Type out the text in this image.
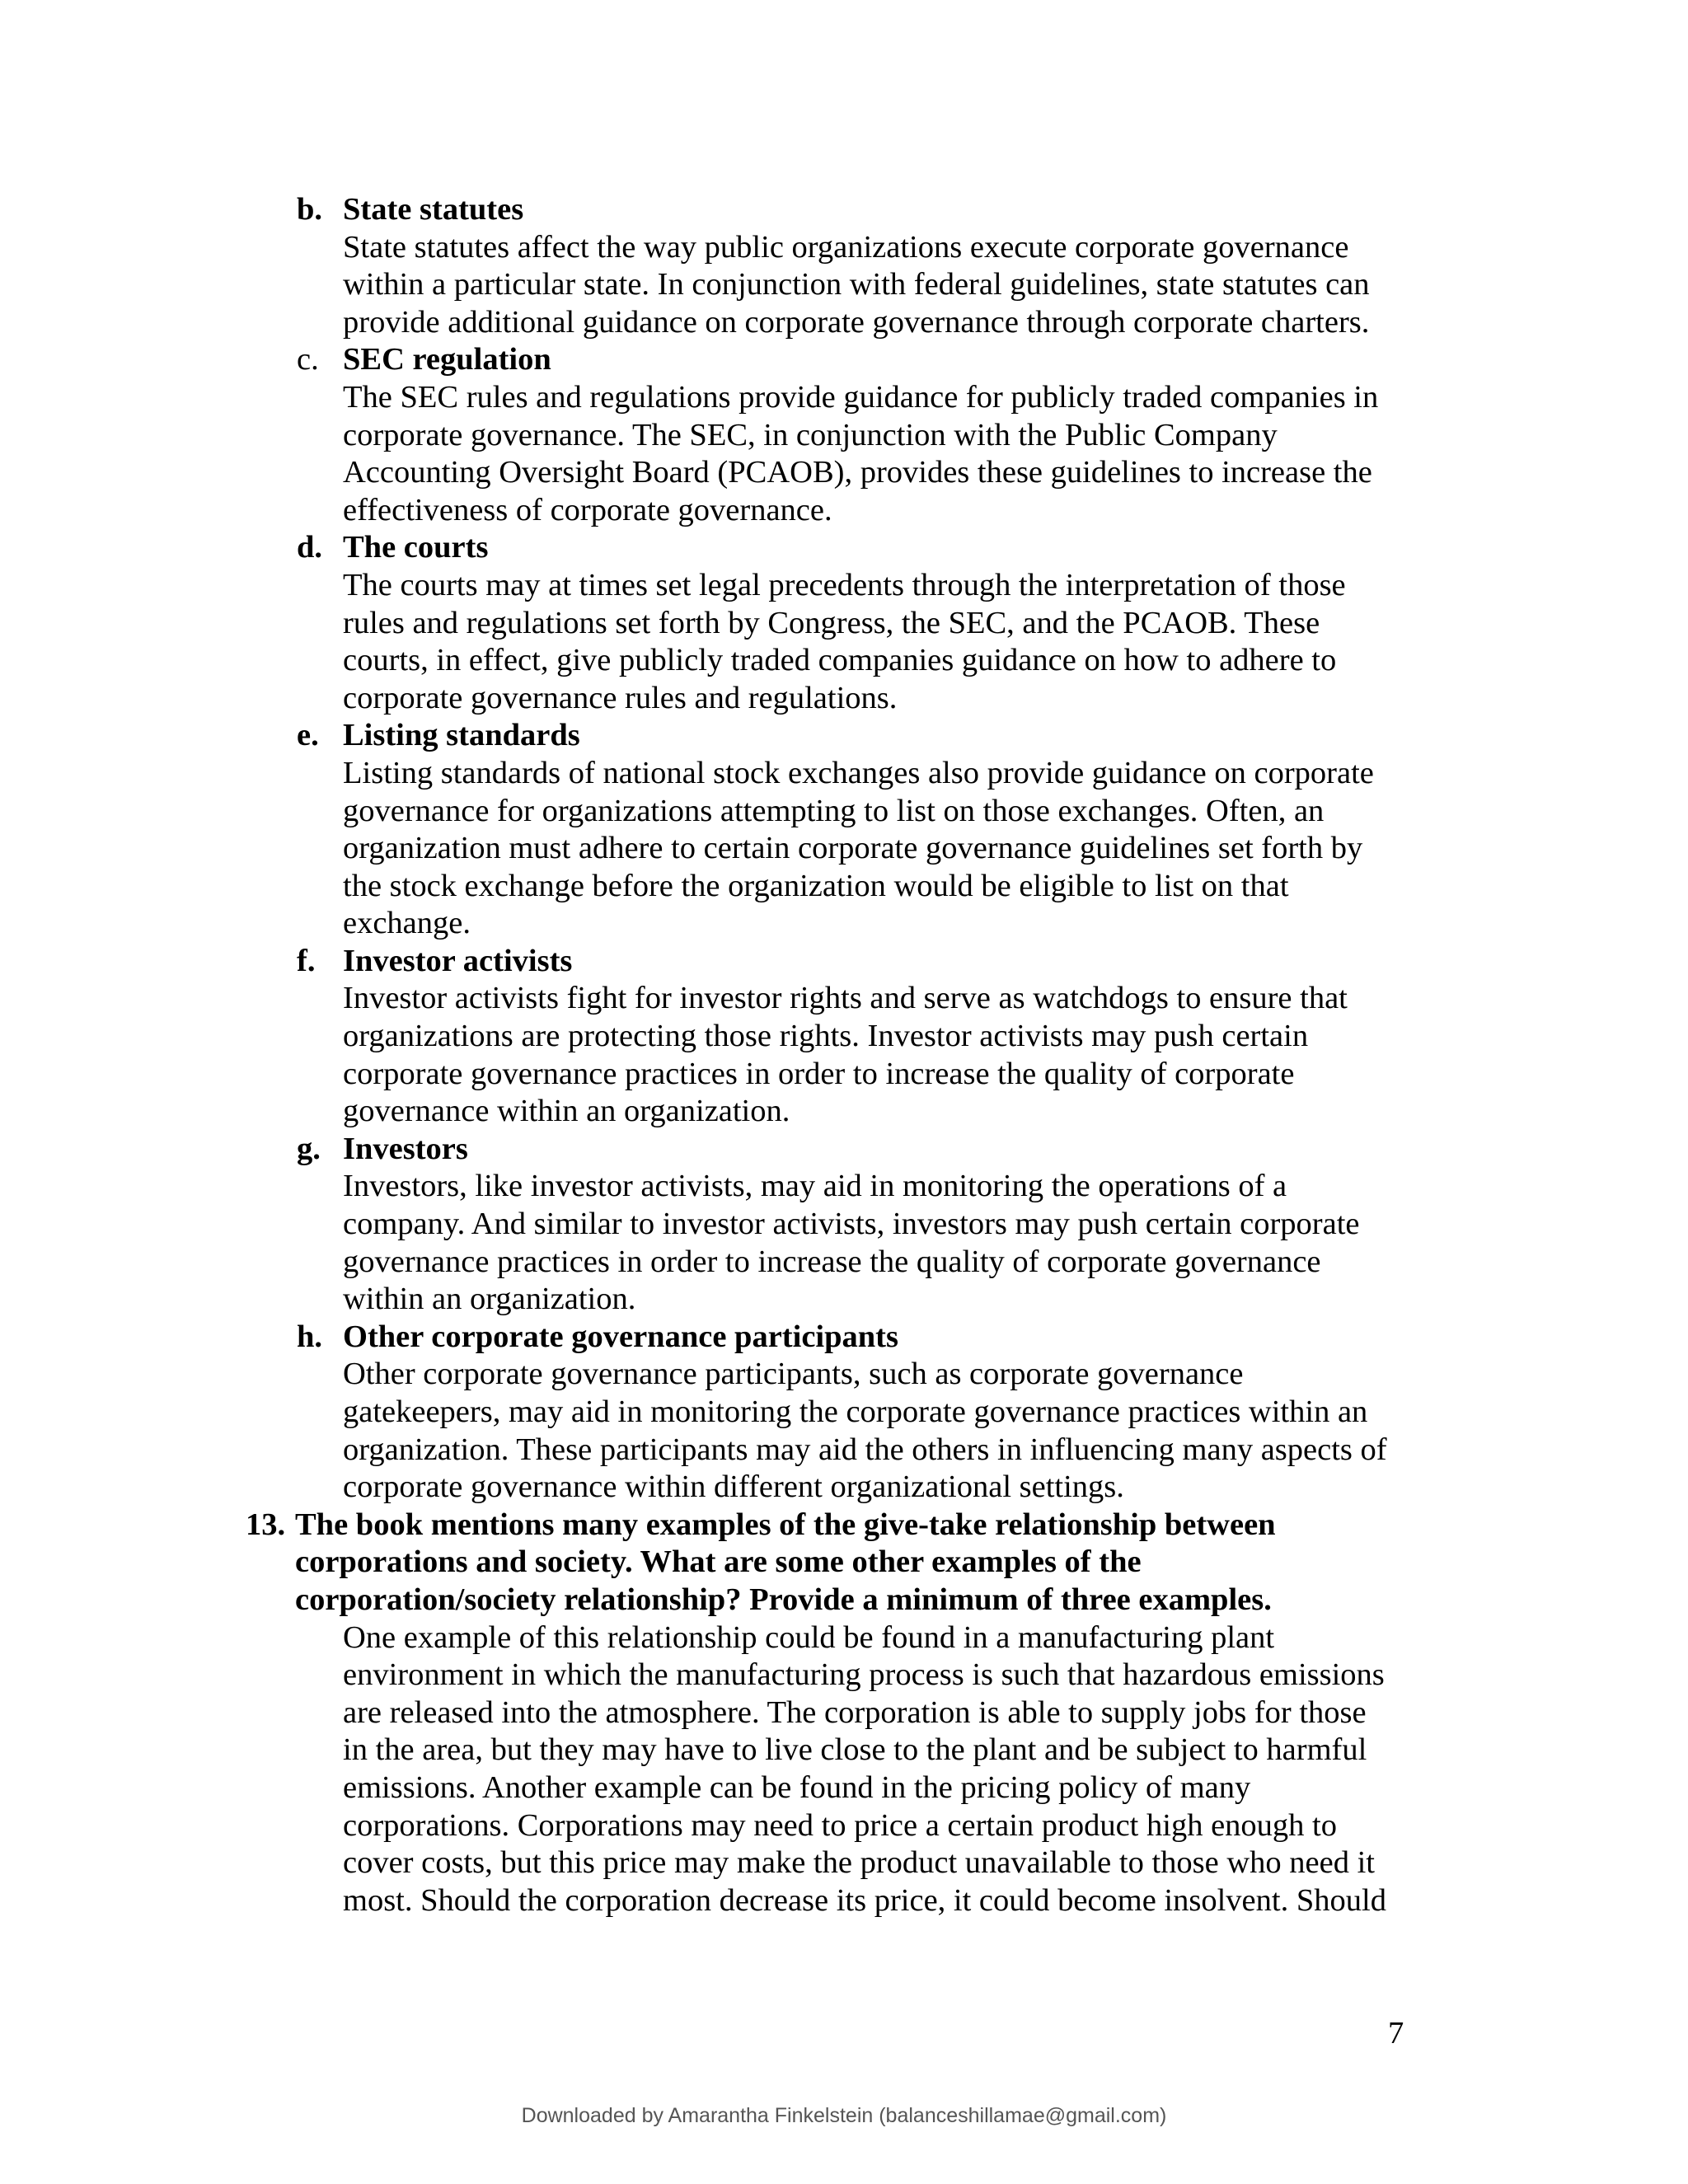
b. State statutes
State statutes affect the way public organizations execute corporate governance
within a particular state. In conjunction with federal guidelines, state statutes can
provide additional guidance on corporate governance through corporate charters.
c. SEC regulation
The SEC rules and regulations provide guidance for publicly traded companies in
corporate governance. The SEC, in conjunction with the Public Company
Accounting Oversight Board (PCAOB), provides these guidelines to increase the
effectiveness of corporate governance.
d. The courts
The courts may at times set legal precedents through the interpretation of those
rules and regulations set forth by Congress, the SEC, and the PCAOB. These
courts, in effect, give publicly traded companies guidance on how to adhere to
corporate governance rules and regulations.
e. Listing standards
Listing standards of national stock exchanges also provide guidance on corporate
governance for organizations attempting to list on those exchanges. Often, an
organization must adhere to certain corporate governance guidelines set forth by
the stock exchange before the organization would be eligible to list on that
exchange.
f. Investor activists
Investor activists fight for investor rights and serve as watchdogs to ensure that
organizations are protecting those rights. Investor activists may push certain
corporate governance practices in order to increase the quality of corporate
governance within an organization.
g. Investors
Investors, like investor activists, may aid in monitoring the operations of a
company. And similar to investor activists, investors may push certain corporate
governance practices in order to increase the quality of corporate governance
within an organization.
h. Other corporate governance participants
Other corporate governance participants, such as corporate governance
gatekeepers, may aid in monitoring the corporate governance practices within an
organization. These participants may aid the others in influencing many aspects of
corporate governance within different organizational settings.
13. The book mentions many examples of the give-take relationship between
corporations and society. What are some other examples of the
corporation/society relationship? Provide a minimum of three examples.
One example of this relationship could be found in a manufacturing plant
environment in which the manufacturing process is such that hazardous emissions
are released into the atmosphere. The corporation is able to supply jobs for those
in the area, but they may have to live close to the plant and be subject to harmful
emissions. Another example can be found in the pricing policy of many
corporations. Corporations may need to price a certain product high enough to
cover costs, but this price may make the product unavailable to those who need it
most. Should the corporation decrease its price, it could become insolvent. Should
7
Downloaded by Amarantha Finkelstein (balanceshillamae@gmail.com)
